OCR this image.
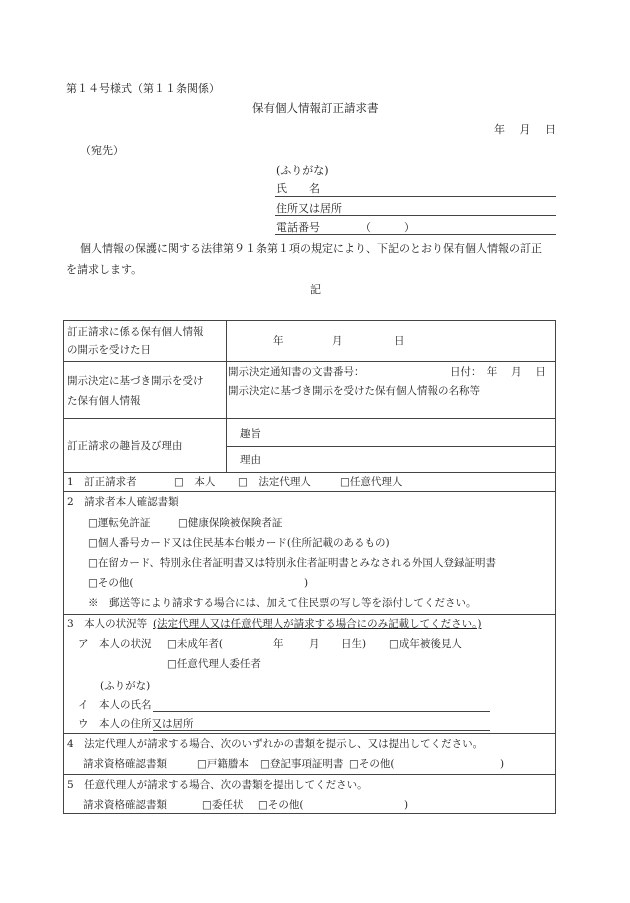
第１４号様式（第１１条関係）
保有個人情報訂正請求書
年　 月　 日
（宛先）
(ふりがな)
氏　　名
住所又は居所
電話番号	（　　　）
個人情報の保護に関する法律第９１条第１項の規定により、下記のとおり保有個人情報の訂正
を請求します。
記
訂正請求に係る保有個人情報
の開示を受けた日
年	月	日
開示決定に基づき開示を受け
た保有個人情報
開示決定通知書の文書番号：	日付：　年　 月　 日
開示決定に基づき開示を受けた保有個人情報の名称等
訂正請求の趣旨及び理由
趣旨
理由
1　訂正請求者	□　本人 □　法定代理人	□任意代理人
2　請求者本人確認書類
□運転免許証	□健康保険被保険者証
□個人番号カード又は住民基本台帳カード(住所記載のあるもの)
□在留カード、特別永住者証明書又は特別永住者証明書とみなされる外国人登録証明書
□その他(	)
※　郵送等により請求する場合には、加えて住民票の写し等を添付してください。
3　本人の状況等 (法定代理人又は任意代理人が請求する場合にのみ記載してください。)
ア　本人の状況 □未成年者(	年 月 日生) □成年被後見人
□任意代理人委任者
(ふりがな)
イ　本人の氏名
ウ　本人の住所又は居所
4　法定代理人が請求する場合、次のいずれかの書類を提示し、又は提出してください。
請求資格確認書類	□戸籍謄本 □登記事項証明書 □その他(	)
5　任意代理人が請求する場合、次の書類を提出してください。
請求資格確認書類	□委任状 □その他(	)
